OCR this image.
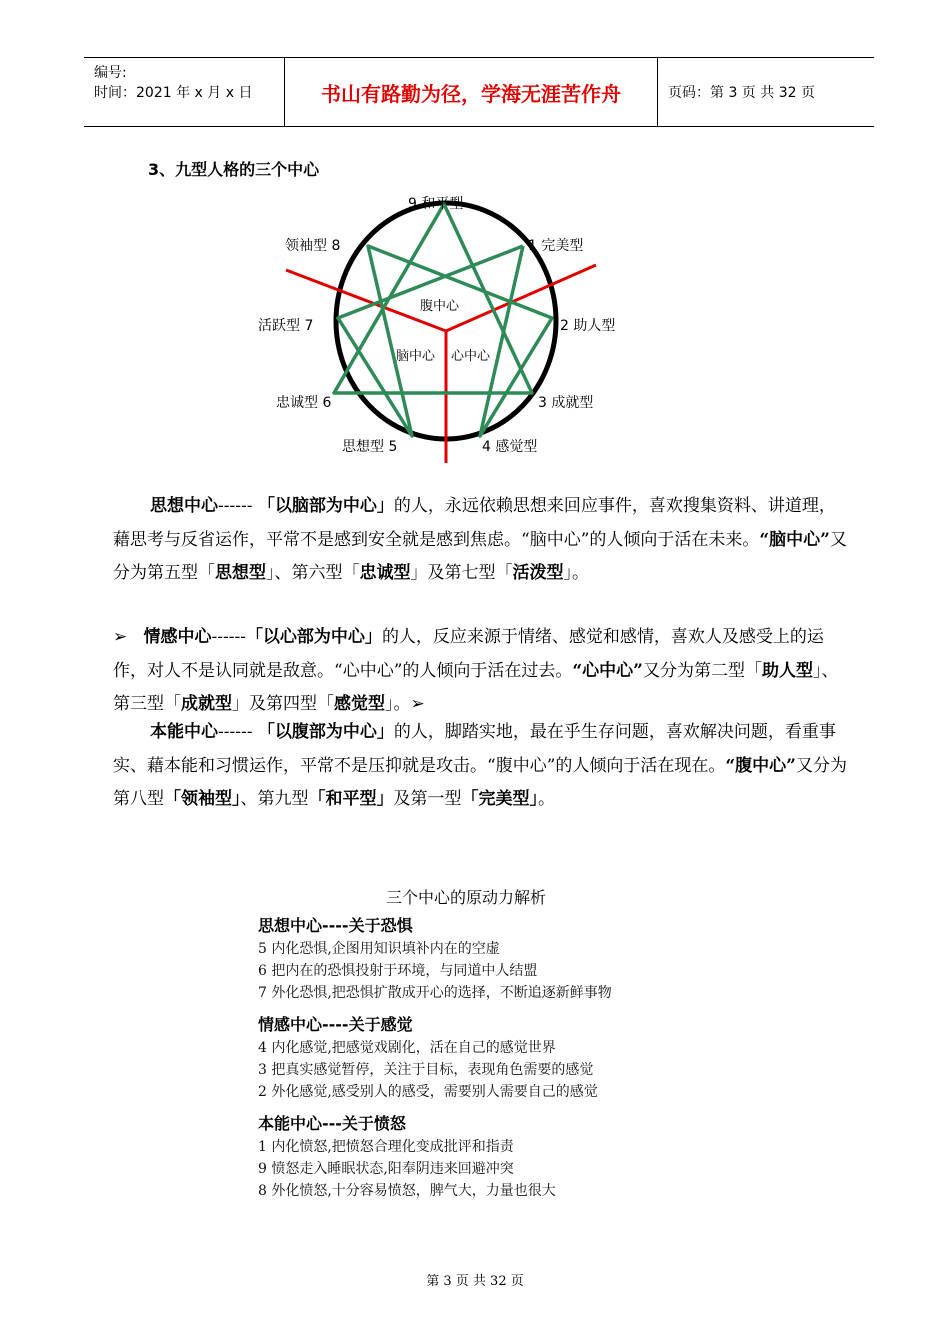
编号:
时间：2021 年 x 月 x 日	书山有路勤为径，学海无涯苦作舟	页码：第 3 页 共 32 页
3、九型人格的三个中心
9 和平型
1 完美型
2 助人型
3 成就型
4 感觉型
思想型 5
忠诚型 6
活跃型 7
领袖型 8
腹中心
脑中心 心中心
思想中心------ 「以脑部为中心」的人，永远依赖思想来回应事件，喜欢搜集资料、讲道理，藉思考与反省运作，平常不是感到安全就是感到焦虑。“脑中心”的人倾向于活在未来。“脑中心”又分为第五型「思想型」、第六型「忠诚型」及第七型「活泼型」。
➢ 情感中心------「以心部为中心」的人，反应来源于情绪、感觉和感情，喜欢人及感受上的运作，对人不是认同就是敌意。“心中心”的人倾向于活在过去。“心中心”又分为第二型「助人型」、第三型「成就型」及第四型「感觉型」。➢
本能中心------ 「以腹部为中心」的人，脚踏实地，最在乎生存问题，喜欢解决问题，看重事实、藉本能和习惯运作，平常不是压抑就是攻击。“腹中心”的人倾向于活在现在。“腹中心”又分为第八型「领袖型」、第九型「和平型」及第一型「完美型」。
三个中心的原动力解析
思想中心----关于恐惧
5 内化恐惧,企图用知识填补内在的空虚
6 把内在的恐惧投射于环境，与同道中人结盟
7 外化恐惧,把恐惧扩散成开心的选择，不断追逐新鲜事物
情感中心----关于感觉
4 内化感觉,把感觉戏剧化，活在自己的感觉世界
3 把真实感觉暂停，关注于目标，表现角色需要的感觉
2 外化感觉,感受别人的感受，需要别人需要自己的感觉
本能中心---关于愤怒
1 内化愤怒,把愤怒合理化变成批评和指责
9 愤怒走入睡眠状态,阳奉阴违来回避冲突
8 外化愤怒,十分容易愤怒，脾气大，力量也很大
第 3 页 共 32 页
